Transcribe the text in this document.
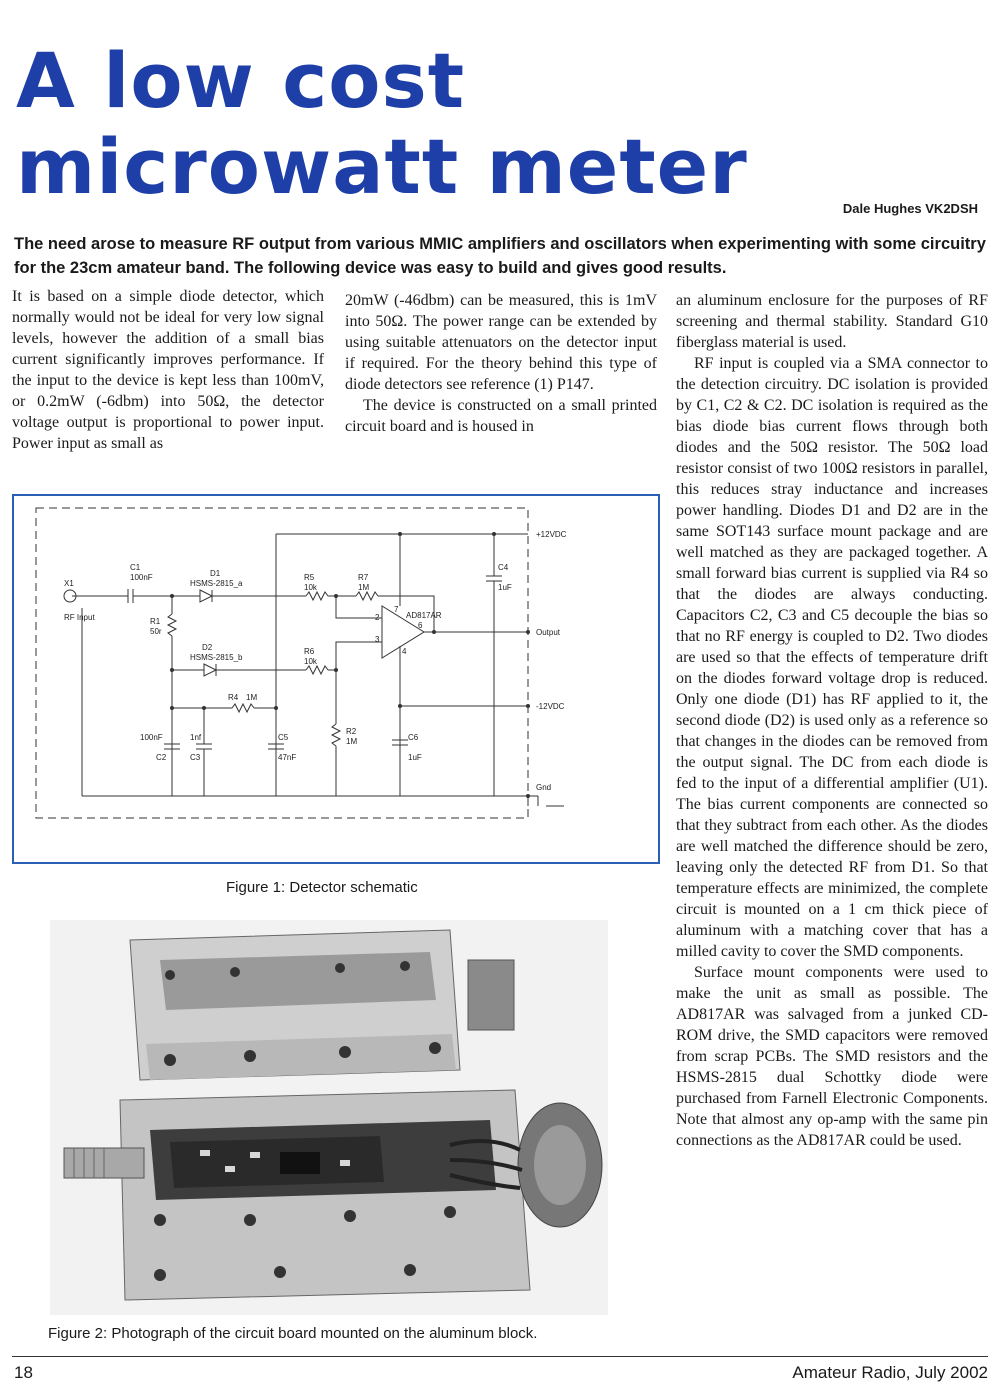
A low cost
microwatt meter	Dale Hughes VK2DSH

The need arose to measure RF output from various MMIC amplifiers and oscillators when experimenting with some circuitry for the 23cm amateur band. The following device was easy to build and gives good results.

It is based on a simple diode detector, which normally would not be ideal for very low signal levels, however the addition of a small bias current significantly improves performance. If the input to the device is kept less than 100mV, or 0.2mW (-6dbm) into 50Ω, the detector voltage output is proportional to power input. Power input as small as

20mW (-46dbm) can be measured, this is 1mV into 50Ω. The power range can be extended by using suitable attenuators on the detector input if required. For the theory behind this type of diode detectors see reference (1) P147.

The device is constructed on a small printed circuit board and is housed in

an aluminum enclosure for the purposes of RF screening and thermal stability. Standard G10 fiberglass material is used.

RF input is coupled via a SMA connector to the detection circuitry. DC isolation is provided by C1, C2 & C2. DC isolation is required as the bias diode bias current flows through both diodes and the 50Ω resistor. The 50Ω load resistor consist of two 100Ω resistors in parallel, this reduces stray inductance and increases power handling. Diodes D1 and D2 are in the same SOT143 surface mount package and are well matched as they are packaged together. A small forward bias current is supplied via R4 so that the diodes are always conducting. Capacitors C2, C3 and C5 decouple the bias so that no RF energy is coupled to D2. Two diodes are used so that the effects of temperature drift on the diodes forward voltage drop is reduced. Only one diode (D1) has RF applied to it, the second diode (D2) is used only as a reference so that changes in the diodes can be removed from the output signal. The DC from each diode is fed to the input of a differential amplifier (U1). The bias current components are connected so that they subtract from each other. As the diodes are well matched the difference should be zero, leaving only the detected RF from D1. So that temperature effects are minimized, the complete circuit is mounted on a 1 cm thick piece of aluminum with a matching cover that has a milled cavity to cover the SMD components.

Surface mount components were used to make the unit as small as possible. The AD817AR was salvaged from a junked CD-ROM drive, the SMD capacitors were removed from scrap PCBs. The SMD resistors and the HSMS-2815 dual Schottky diode were purchased from Farnell Electronic Components. Note that almost any op-amp with the same pin connections as the AD817AR could be used.

X1
RF Input
C1
100nF	D1
HSMS-2815_a
R1
50r
D2
HSMS-2815_b
R5
10k
R7
1M
R6
10k
R4 1M
R2
1M
100nF
C2
1nf
C3
C5
47nF
C4
1uF
C6
1uF
AD817AR
2
3
7
6
4
+12VDC
Output
-12VDC
Gnd
Figure 1: Detector schematic
Figure 2: Photograph of the circuit board mounted on the aluminum block.
18	Amateur Radio, July 2002
